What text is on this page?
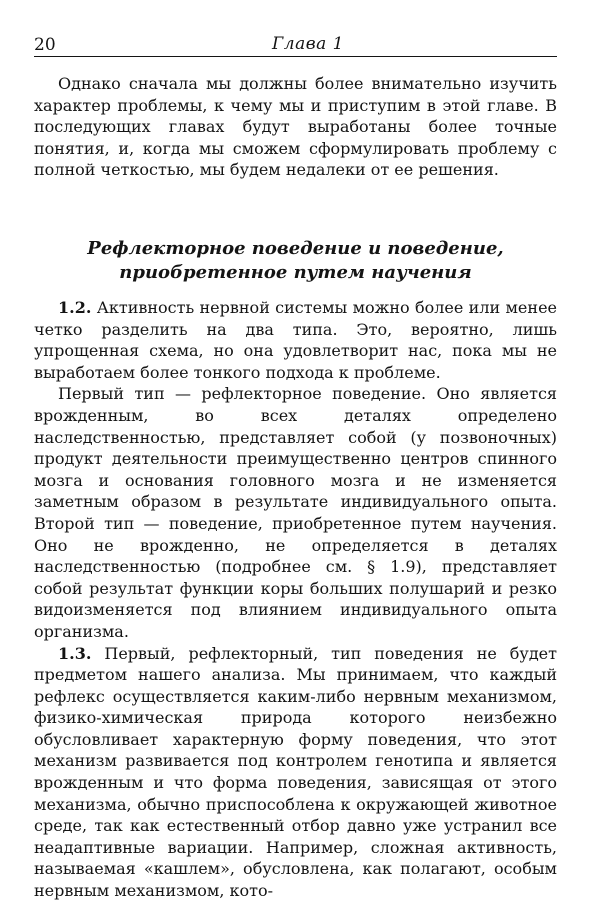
20	Глава 1

Однако сначала мы должны более внимательно изучить характер проблемы, к чему мы и приступим в этой главе. В последующих главах будут выработаны более точные понятия, и, когда мы сможем сформулировать проблему с полной четкостью, мы будем недалеки от ее решения.

Рефлекторное поведение и поведение,
приобретенное путем научения

1.2. Активность нервной системы можно более или менее четко разделить на два типа. Это, вероятно, лишь упрощенная схема, но она удовлетворит нас, пока мы не выработаем более тонкого подхода к проблеме.

Первый тип — рефлекторное поведение. Оно является врожденным, во всех деталях определено наследственностью, представляет собой (у позвоночных) продукт деятельности преимущественно центров спинного мозга и основания головного мозга и не изменяется заметным образом в результате индивидуального опыта. Второй тип — поведение, приобретенное путем научения. Оно не врожденно, не определяется в деталях наследственностью (подробнее см. § 1.9), представляет собой результат функции коры больших полушарий и резко видоизменяется под влиянием индивидуального опыта организма.

1.3. Первый, рефлекторный, тип поведения не будет предметом нашего анализа. Мы принимаем, что каждый рефлекс осуществляется каким-либо нервным механизмом, физико-химическая природа которого неизбежно обусловливает характерную форму поведения, что этот механизм развивается под контролем генотипа и является врожденным и что форма поведения, зависящая от этого механизма, обычно приспособлена к окружающей животное среде, так как естественный отбор давно уже устранил все неадаптивные вариации. Например, сложная активность, называемая «кашлем», обусловлена, как полагают, особым нервным механизмом, кото-
